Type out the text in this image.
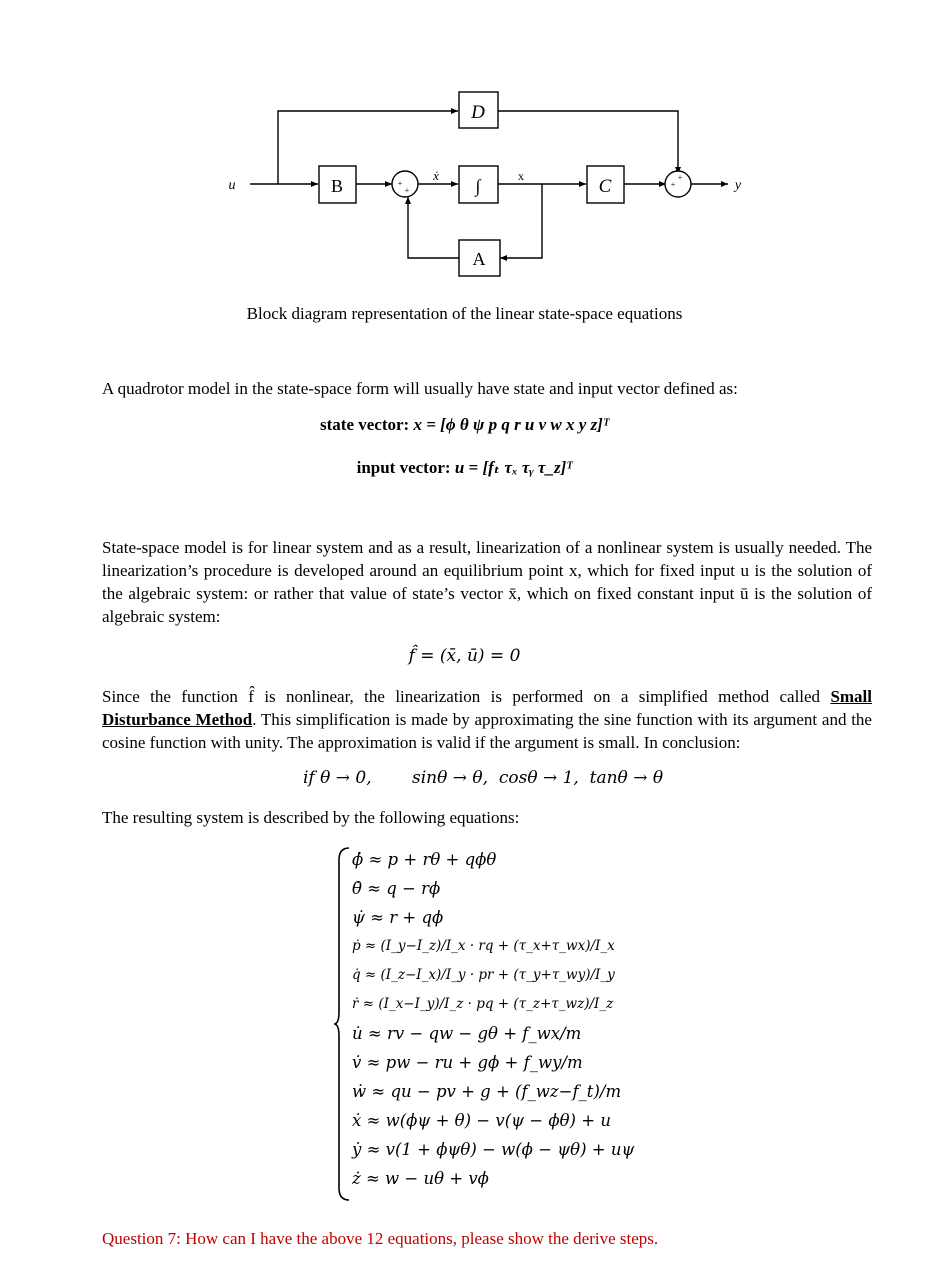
D
B	∫	C
A
u
ẋ	x
y
+
+
+
+
Block diagram representation of the linear state-space equations
A quadrotor model in the state-space form will usually have state and input vector defined as:
state vector: x = [ϕ θ ψ p q r u v w x y z]ᵀ
input vector: u = [fₜ τₓ τᵧ τ_z]ᵀ
State-space model is for linear system and as a result, linearization of a nonlinear system is usually needed. The linearization’s procedure is developed around an equilibrium point x, which for fixed input u is the solution of the algebraic system: or rather that value of state’s vector x̄, which on fixed constant input ū is the solution of algebraic system:
f̂ = (x̄, ū) = 0
Since the function f̂ is nonlinear, the linearization is performed on a simplified method called Small Disturbance Method. This simplification is made by approximating the sine function with its argument and the cosine function with unity. The approximation is valid if the argument is small. In conclusion:
if θ → 0, sinθ → θ,  cosθ → 1,  tanθ → θ
The resulting system is described by the following equations:
ϕ̇ ≈ p + rθ + qϕθ
θ̇ ≈ q − rϕ
ψ̇ ≈ r + qϕ
ṗ ≈ (I_y−I_z)/I_x · rq + (τ_x+τ_wx)/I_x
q̇ ≈ (I_z−I_x)/I_y · pr + (τ_y+τ_wy)/I_y
ṙ ≈ (I_x−I_y)/I_z · pq + (τ_z+τ_wz)/I_z
u̇ ≈ rv − qw − gθ + f_wx/m
v̇ ≈ pw − ru + gϕ + f_wy/m
ẇ ≈ qu − pv + g + (f_wz−f_t)/m
ẋ ≈ w(ϕψ + θ) − v(ψ − ϕθ) + u
ẏ ≈ v(1 + ϕψθ) − w(ϕ − ψθ) + uψ
ż ≈ w − uθ + vϕ
Question 7: How can I have the above 12 equations, please show the derive steps.
